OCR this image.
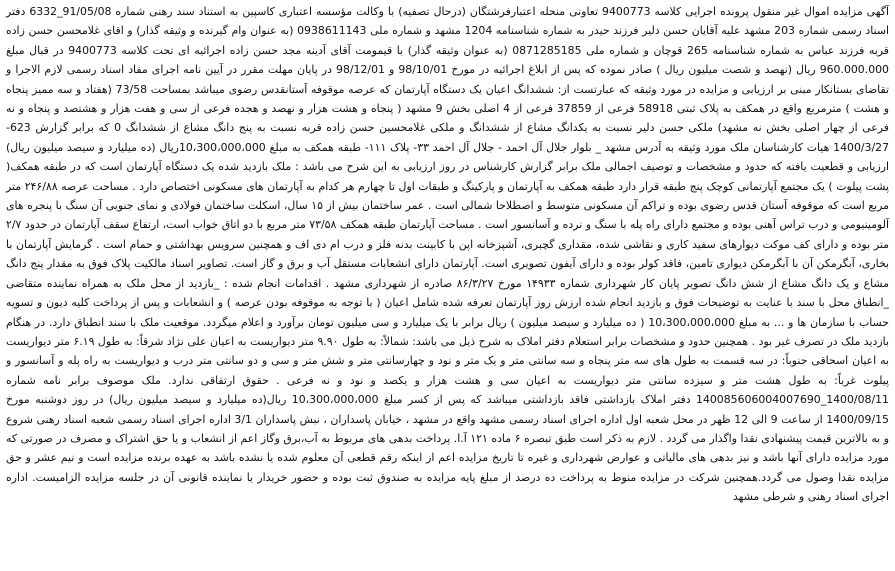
آگهی مزایده اموال غیر منقول پرونده اجرایی کلاسه 9400773 تعاونی منحله اعتبارفرشتگان (درحال تصفیه) با وکالت مؤسسه اعتباری کاسپین به استناد سند رهنی شماره 91/05/08_6332 دفتر اسناد رسمی شماره 203 مشهد علیه آقایان حسن دلیر فرزند حیدر به شماره شناسنامه 1204 مشهد و شماره ملی 0938611143 (به عنوان وام گیرنده و وثیقه گذار) و اقای غلامحسن حسن زاده قربه فرزند عباس به شماره شناسنامه 265 قوچان و شماره ملی 0871285185 (به عنوان وثیقه گذار) با قیمومت آقای آدینه مجد حسن زاده اجرائیه ای تحت کلاسه 9400773 در قبال مبلغ 960.000.000 ریال (نهصد و شصت میلیون ریال ) صادر نموده که پس از ابلاغ اجرائیه در مورخ 98/10/01 و 98/12/01 در پایان مهلت مقرر در آیین نامه اجرای مفاد اسناد رسمی لازم الاجرا و تقاضای بستانکار مبنی بر ارزیابی و مزایده در مورد وثیقه که عبارتست از: ششدانگ اعیان یک دستگاه آپارتمان که عرصه موقوفه آستانقدس رضوی میباشد بمساحت 73/58 (هفتاد و سه ممیز پنجاه و هشت ) مترمربع واقع در همکف به پلاک ثبتی 58918 فرعی از 37859 فرعی از 4 اصلی بخش 9 مشهد ( پنجاه و هشت هزار و نهصد و هجده فرعی از سی و هفت هزار و هشتصد و پنجاه و نه فرعی از چهار اصلی بخش نه مشهد) ملکی حسن دلیر نسبت به یکدانگ مشاع از ششدانگ و ملکی غلامحسین حسن زاده قربه نسبت به پنج دانگ مشاع از ششدانگ 0 که برابر گزارش 623-1400/3/27 هیات کارشناسان ملک مورد وثیقه به آدرس مشهد _ بلوار جلال آل احمد - جلال آل احمد ۳۳- پلاک ۱۱۱- طبقه همکف به مبلغ 10،300،000،000ریال (ده میلیارد و سیصد میلیون ریال) ارزیابی و قطعیت یافته که حدود و مشخصات و توصیف اجمالی ملک برابر گزارش کارشناس در روز ارزیابی به این شرح می باشد : ملک بازدید شده یک دستگاه آپارتمان است که در طبقه همکف( پشت پیلوت ) یک مجتمع آپارتمانی کوچک پنج طبقه قرار دارد طبقه همکف به آپارتمان و پارکینگ و طبقات اول تا چهارم هر کدام به آپارتمان های مسکونی اختصاص دارد . مساحت عرصه ۲۴۶/۸۸ متر مربع است که موقوفه آستان قدس رضوی بوده و تراکم آن مسکونی متوسط و اصطلاحا شمالی است . عمر ساختمان بیش از ۱۵ سال، اسکلت ساختمان فولادی و نمای جنوبی آن سنگ با پنجره های آلومینیومی و درب تراس آهنی بوده و مجتمع دارای راه پله با سنگ و نرده و آسانسور است . مساحت آپارتمان طبقه همکف ۷۳/۵۸ متر مربع با دو اتاق خواب است، ارتفاع سقف آپارتمان در حدود ۲/۷ متر بوده و دارای کف موکت دیوارهای سفید کاری و نقاشی شده، مقداری گچبری، آشپزخانه اپن با کابینت بدنه فلز و درب ام دی اف و همچنین سرویس بهداشتی و حمام است . گرمایش آپارتمان با بخاری، آبگرمکن آن با آبگرمکن دیواری تامین، فاقد کولر بوده و دارای آیفون تصویری است. آپارتمان دارای انشعابات مستقل آب و برق و گاز است. تصاویر اسناد مالکیت پلاک فوق به مقدار پنج دانگ مشاع و یک دانگ مشاع از شش دانگ تصویر پایان کار شهرداری شماره ۱۴۹۳۳ مورخ ۸۶/۳/۲۷ صادره از شهرداری مشهد . اقدامات انجام شده : _بازدید از محل ملک به همراه نماینده متقاضی _انطباق محل با سند با عنایت به توضیحات فوق و بازدید انجام شده ارزش روز آپارتمان تعرفه شده شامل اعیان ( با توجه به موقوفه بودن عرصه ) و انشعابات و پس از پرداخت کلیه دیون و تسویه حساب با سازمان ها و ... به مبلغ 10،300،000،000 ( ده میلیارد و سیصد میلیون ) ریال برابر با یک میلیارد و سی میلیون تومان برآورد و اعلام میگردد. موقعیت ملک با سند انطباق دارد. در هنگام بازدید ملک در تصرف غیر بود . همچنین حدود و مشخصات برابر استعلام دفتر املاک به شرح ذیل می باشد: شمالاً: به طول ۹.۹۰ متر دیواریست به اعیان علی نژاد شرقاً: به طول ۶.۱۹ متر دیواریست به اعیان اسحاقی جنوباً: در سه قسمت به طول های سه متر پنجاه و سه سانتی متر و یک متر و نود و چهارسانتی متر و شش متر و سی و دو سانتی متر درب و دیواریست به راه پله و آسانسور و پیلوت غرباً: به طول هشت متر و سیزده سانتی متر دیواریست به اعیان سی و هشت هزار و یکصد و نود و نه فرعی . حقوق ارتفاقی ندارد. ملک موصوف برابر نامه شماره 1400/08/11_140085606004007690 دفتر املاک بازداشتی فاقد بازداشتی میباشد که پس از کسر مبلغ 10،300،000،000 ریال(ده میلیارد و سیصد میلیون ریال) در روز دوشنبه مورخ 1400/09/15 از ساعت 9 الی 12 ظهر در محل شعبه اول اداره اجرای اسناد رسمی مشهد واقع در مشهد ، خیابان پاسداران ، نبش پاسداران 3/1 اداره اجرای اسناد رسمی شعبه اسناد رهنی شروع و به بالاترین قیمت پیشنهادی نقدا واگذار می گردد . لازم به ذکر است طبق تبصره ۶ ماده ۱۲۱ آ.ا. پرداخت بدهی های مربوط به آب،برق وگاز اعم از انشعاب و یا حق اشتراک و مصرف در صورتی که مورد مزایده دارای آنها باشد و نیز بدهی های مالیاتی و عوارض شهرداری و غیره تا تاریخ مزایده اعم از اینکه رقم قطعی آن معلوم شده یا نشده باشد به عهده برنده مزایده است و نیم عشر و حق مزایده نقدا وصول می گردد.همچنین شرکت در مزایده منوط به پرداخت ده درصد از مبلغ پایه مزایده به صندوق ثبت بوده و حضور خریدار یا نماینده قانونی آن در جلسه مزایده الزامیست. اداره اجرای اسناد رهنی و شرطی مشهد
